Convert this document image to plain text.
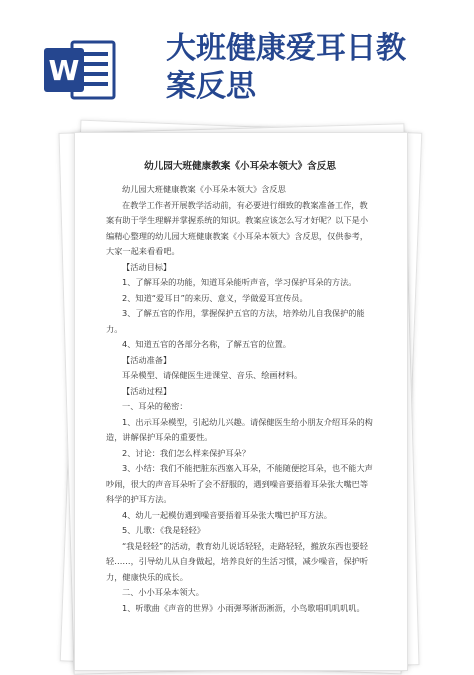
W
大班健康爱耳日教
案反思
幼儿园大班健康教案《小耳朵本领大》含反思

幼儿园大班健康教案《小耳朵本领大》含反思

在教学工作者开展教学活动前，有必要进行细致的教案准备工作，教案有助于学生理解并掌握系统的知识。教案应该怎么写才好呢？以下是小编精心整理的幼儿园大班健康教案《小耳朵本领大》含反思，仅供参考，大家一起来看看吧。

【活动目标】

1、了解耳朵的功能，知道耳朵能听声音，学习保护耳朵的方法。

2、知道“爱耳日”的来历、意义，学做爱耳宣传员。

3、了解五官的作用，掌握保护五官的方法，培养幼儿自我保护的能力。

4、知道五官的各部分名称，了解五官的位置。

【活动准备】

耳朵模型、请保健医生进课堂、音乐、绘画材料。

【活动过程】

一、耳朵的秘密：

1、出示耳朵模型，引起幼儿兴趣。请保健医生给小朋友介绍耳朵的构造，讲解保护耳朵的重要性。

2、讨论：我们怎么样来保护耳朵？

3、小结：我们不能把脏东西塞入耳朵，不能随便挖耳朵，也不能大声吵闹，很大的声音耳朵听了会不舒服的，遇到噪音要捂着耳朵张大嘴巴等科学的护耳方法。

4、幼儿一起模仿遇到噪音要捂着耳朵张大嘴巴护耳方法。

5、儿歌：《我是轻轻》

“我是轻轻”的活动，教育幼儿说话轻轻，走路轻轻，搬放东西也要轻轻……，引导幼儿从自身做起，培养良好的生活习惯，减少噪音，保护听力，健康快乐的成长。

二、小小耳朵本领大。

1、听歌曲《声音的世界》小雨弹琴淅沥淅沥，小鸟歌唱叽叽叽叽。
